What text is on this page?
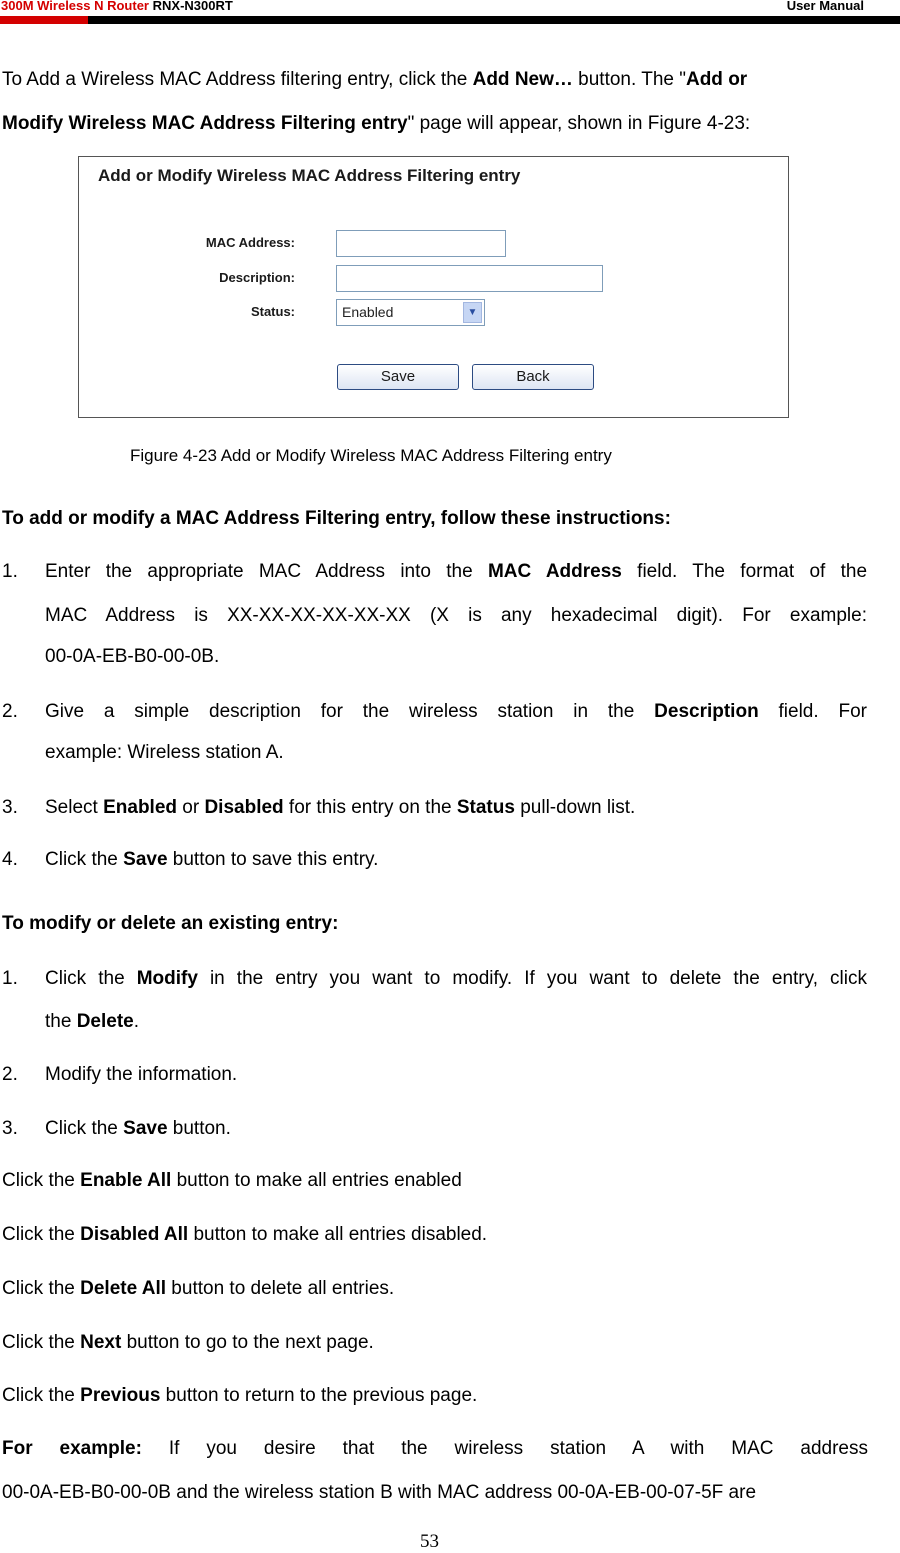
300M Wireless N Router RNX-N300RT	User Manual
To Add a Wireless MAC Address filtering entry, click the Add New… button. The "Add or
Modify Wireless MAC Address Filtering entry" page will appear, shown in Figure 4-23:
Add or Modify Wireless MAC Address Filtering entry
MAC Address:
Description:
Status:	Enabled	▼
Save	Back
Figure 4-23 Add or Modify Wireless MAC Address Filtering entry
To add or modify a MAC Address Filtering entry, follow these instructions:
1. Enter the appropriate MAC Address into the MAC Address field. The format of the
MAC Address is XX-XX-XX-XX-XX-XX (X is any hexadecimal digit). For example:
00-0A-EB-B0-00-0B.
2. Give a simple description for the wireless station in the Description field. For
example: Wireless station A.
3. Select Enabled or Disabled for this entry on the Status pull-down list.
4. Click the Save button to save this entry.
To modify or delete an existing entry:
1. Click the Modify in the entry you want to modify. If you want to delete the entry, click
the Delete.
2. Modify the information.
3. Click the Save button.
Click the Enable All button to make all entries enabled
Click the Disabled All button to make all entries disabled.
Click the Delete All button to delete all entries.
Click the Next button to go to the next page.
Click the Previous button to return to the previous page.
For example: If you desire that the wireless station A with MAC address
00-0A-EB-B0-00-0B and the wireless station B with MAC address 00-0A-EB-00-07-5F are
53
